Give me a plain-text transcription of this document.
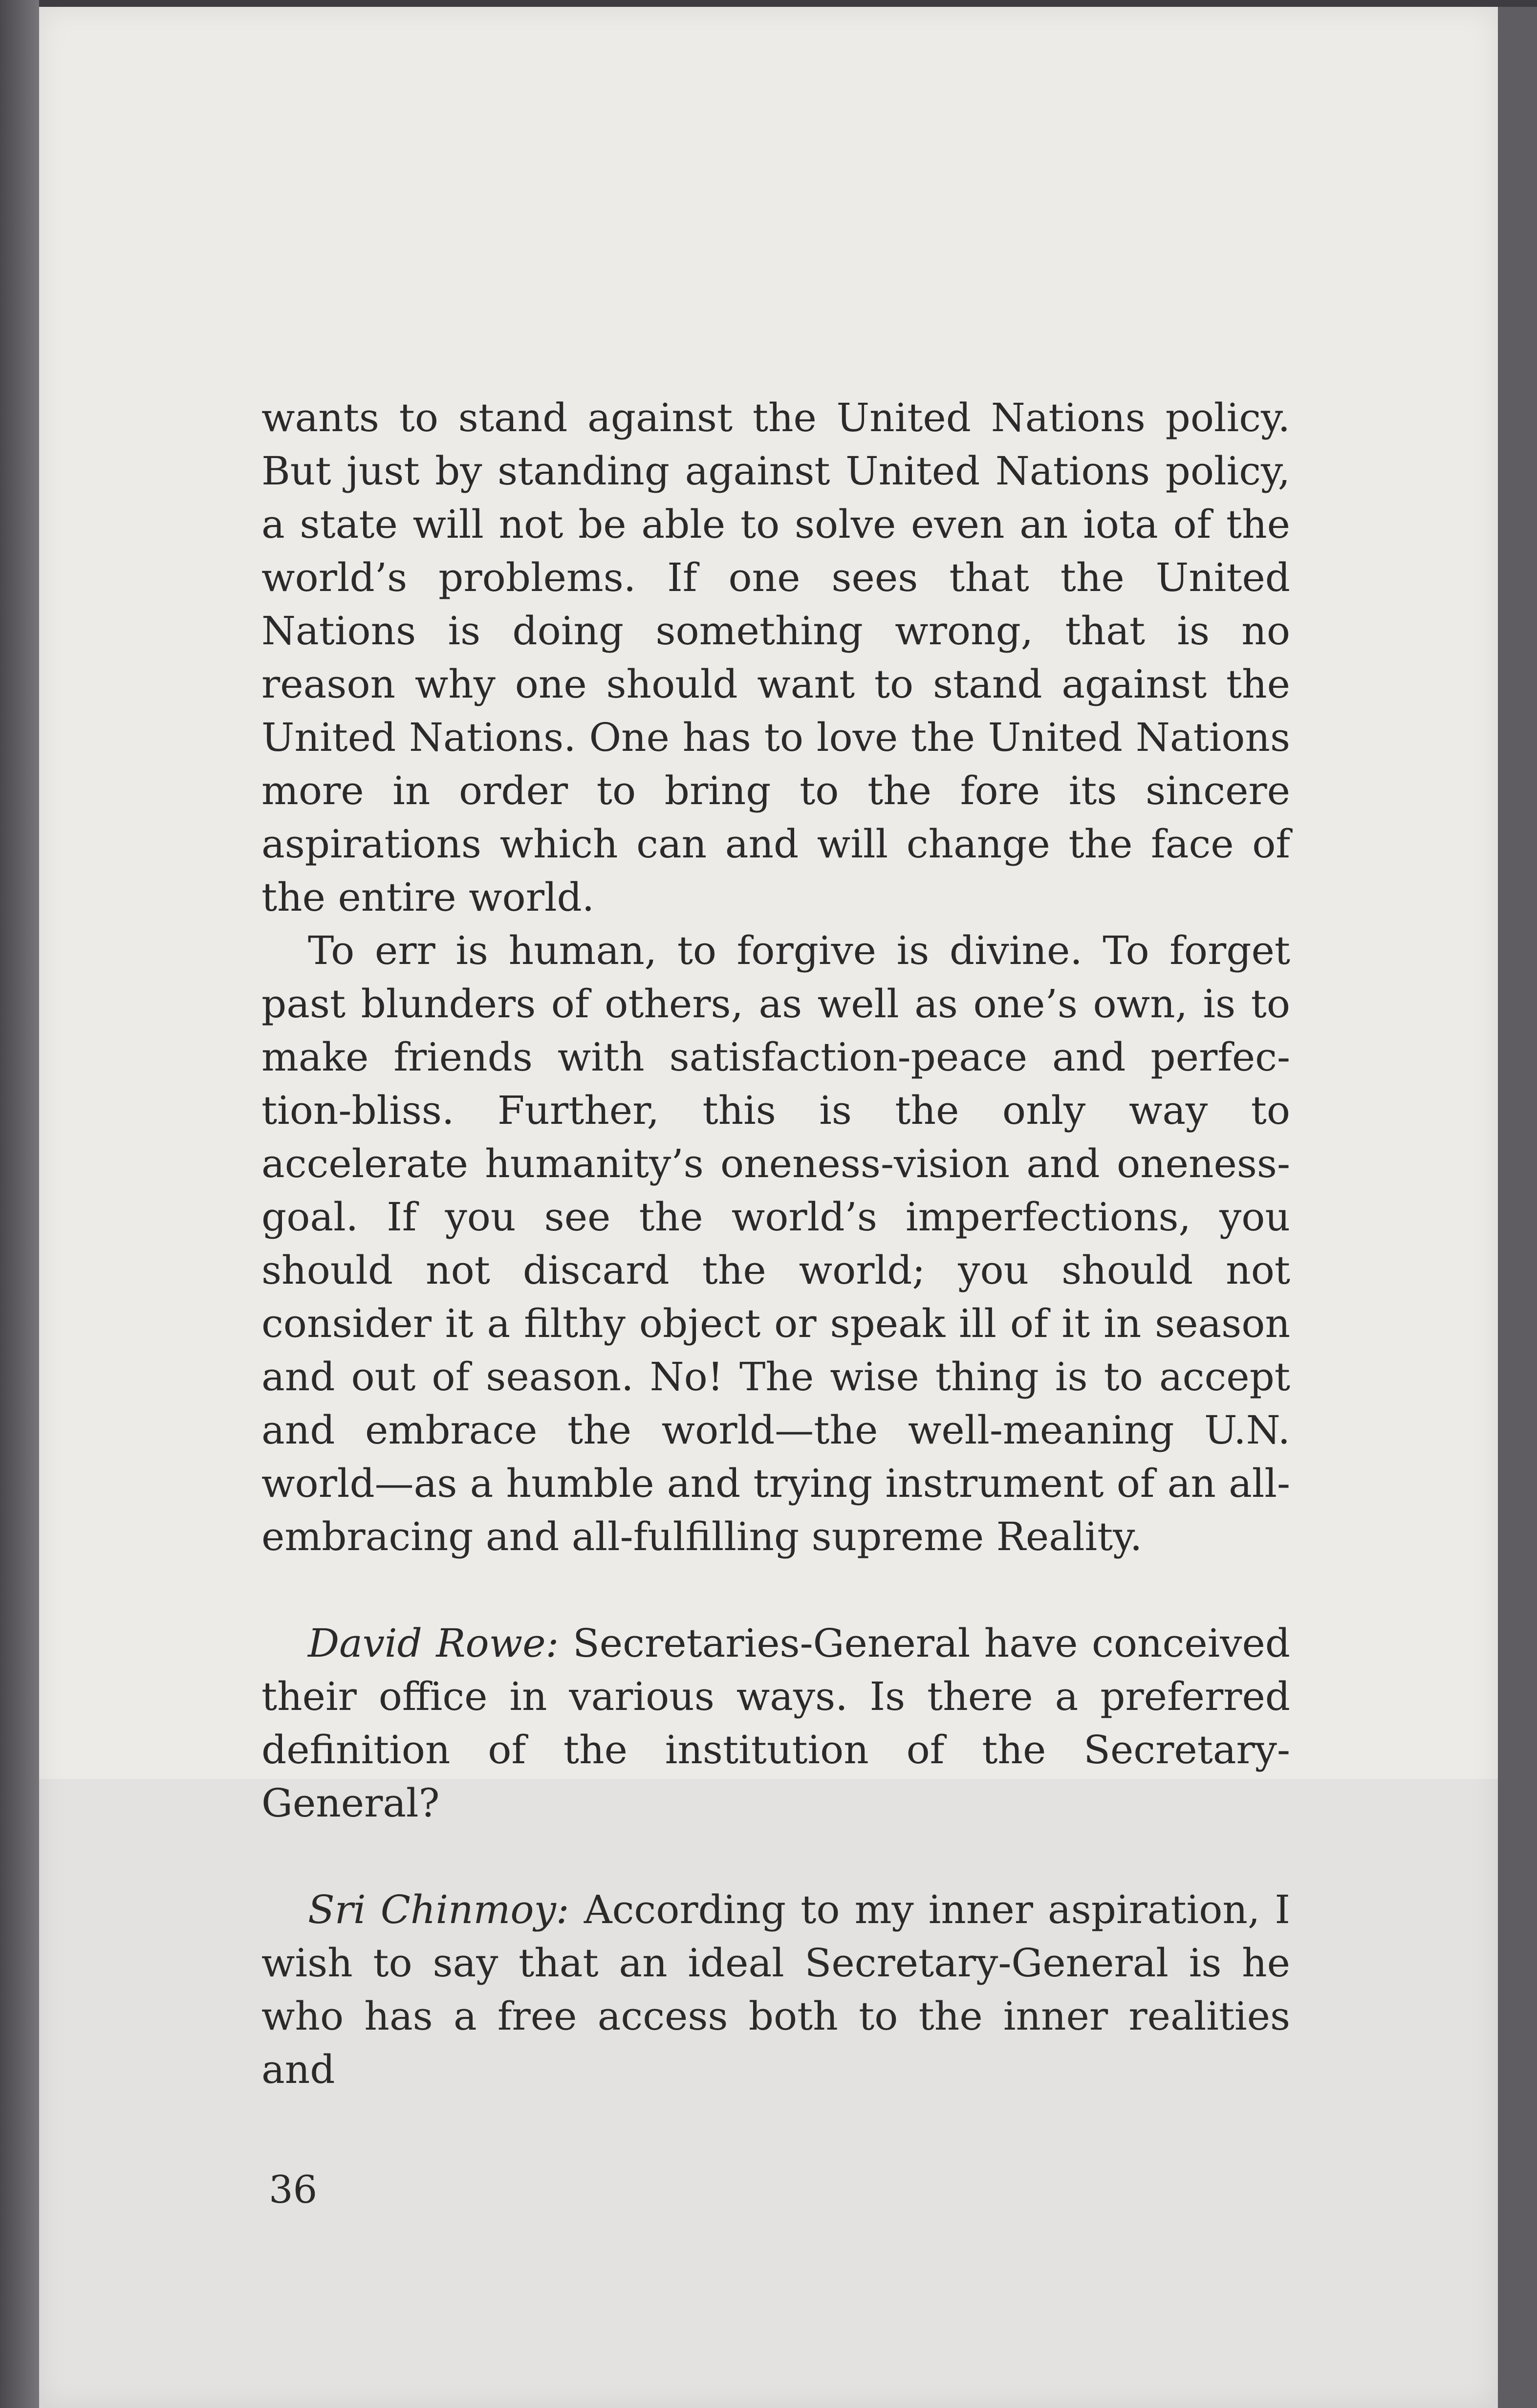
wants to stand against the United Nations policy. But just by standing against United Nations policy, a state will not be able to solve even an iota of the world’s problems. If one sees that the United Nations is doing something wrong, that is no reason why one should want to stand against the United Nations. One has to love the United Nations more in order to bring to the fore its sincere aspirations which can and will change the face of the entire world.

To err is human, to forgive is divine. To forget past blunders of others, as well as one’s own, is to make friends with satisfaction-peace and perfec-tion-bliss. Further, this is the only way to accelerate humanity’s oneness-vision and oneness-goal. If you see the world’s imperfections, you should not discard the world; you should not consider it a filthy object or speak ill of it in season and out of season. No! The wise thing is to accept and embrace the world—the well-meaning U.N. world—as a humble and trying instrument of an all-embracing and all-fulfilling supreme Reality.

David Rowe: Secretaries-General have conceived their office in various ways. Is there a preferred definition of the institution of the Secretary-General?

Sri Chinmoy: According to my inner aspiration, I wish to say that an ideal Secretary-General is he who has a free access both to the inner realities and

36
